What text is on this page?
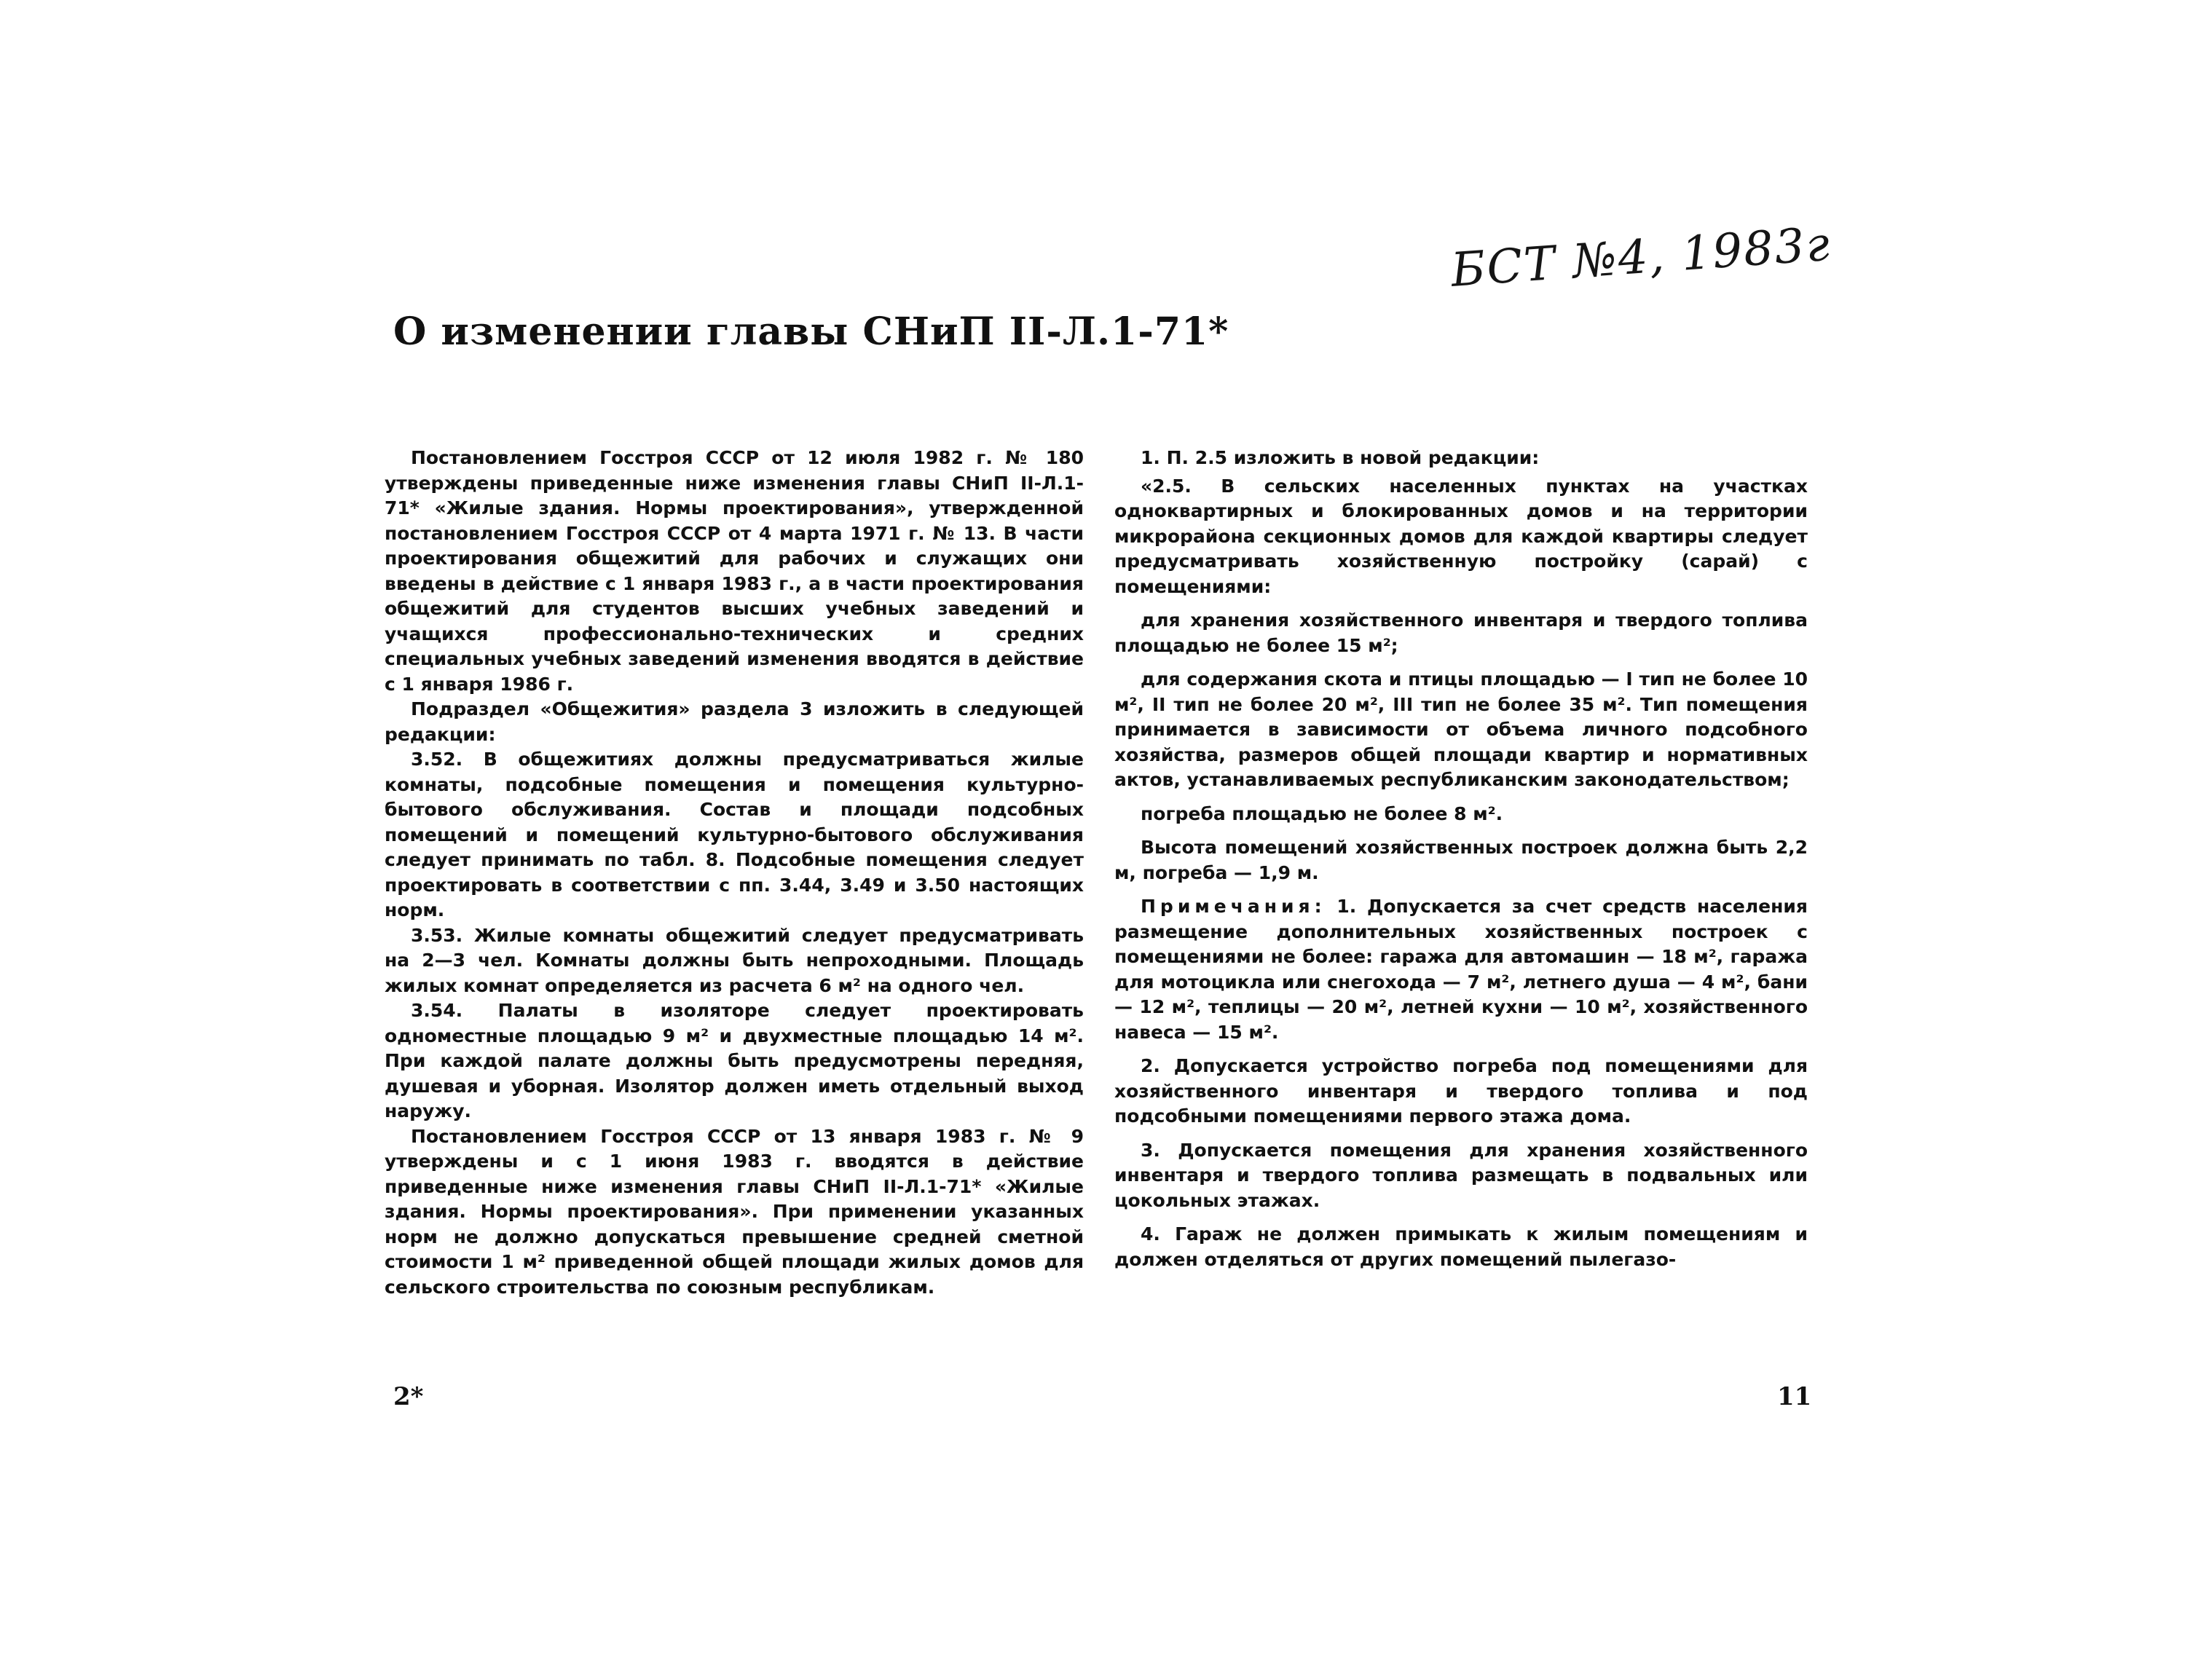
БСТ №4, 1983г
О изменении главы СНиП II-Л.1-71*

Постановлением Госстроя СССР от 12 июля 1982 г. № 180 утверждены приведенные ниже изменения главы СНиП II-Л.1-71* «Жилые здания. Нормы проектирования», утвержденной постановлением Госстроя СССР от 4 марта 1971 г. № 13. В части проектирования общежитий для рабочих и служащих они введены в действие с 1 января 1983 г., а в части проектирования общежитий для студентов высших учебных заведений и учащихся профессионально-технических и средних специальных учебных заведений изменения вводятся в действие с 1 января 1986 г.

Подраздел «Общежития» раздела 3 изложить в следующей редакции:

3.52. В общежитиях должны предусматриваться жилые комнаты, подсобные помещения и помещения культурно-бытового обслуживания. Состав и площади подсобных помещений и помещений культурно-бытового обслуживания следует принимать по табл. 8. Подсобные помещения следует проектировать в соответствии с пп. 3.44, 3.49 и 3.50 настоящих норм.

3.53. Жилые комнаты общежитий следует предусматривать на 2—3 чел. Комнаты должны быть непроходными. Площадь жилых комнат определяется из расчета 6 м² на одного чел.

3.54. Палаты в изоляторе следует проектировать одноместные площадью 9 м² и двухместные площадью 14 м². При каждой палате должны быть предусмотрены передняя, душевая и уборная. Изолятор должен иметь отдельный выход наружу.

Постановлением Госстроя СССР от 13 января 1983 г. № 9 утверждены и с 1 июня 1983 г. вводятся в действие приведенные ниже изменения главы СНиП II-Л.1-71* «Жилые здания. Нормы проектирования». При применении указанных норм не должно допускаться превышение средней сметной стоимости 1 м² приведенной общей площади жилых домов для сельского строительства по союзным республикам.

1. П. 2.5 изложить в новой редакции:

«2.5. В сельских населенных пунктах на участках одноквартирных и блокированных домов и на территории микрорайона секционных домов для каждой квартиры следует предусматривать хозяйственную постройку (сарай) с помещениями:

для хранения хозяйственного инвентаря и твердого топлива площадью не более 15 м²;

для содержания скота и птицы площадью — I тип не более 10 м², II тип не более 20 м², III тип не более 35 м². Тип помещения принимается в зависимости от объема личного подсобного хозяйства, размеров общей площади квартир и нормативных актов, устанавливаемых республиканским законодательством;

погреба площадью не более 8 м².

Высота помещений хозяйственных построек должна быть 2,2 м, погреба — 1,9 м.

Примечания: 1. Допускается за счет средств населения размещение дополнительных хозяйственных построек с помещениями не более: гаража для автомашин — 18 м², гаража для мотоцикла или снегохода — 7 м², летнего душа — 4 м², бани — 12 м², теплицы — 20 м², летней кухни — 10 м², хозяйственного навеса — 15 м².

2. Допускается устройство погреба под помещениями для хозяйственного инвентаря и твердого топлива и под подсобными помещениями первого этажа дома.

3. Допускается помещения для хранения хозяйственного инвентаря и твердого топлива размещать в подвальных или цокольных этажах.

4. Гараж не должен примыкать к жилым помещениям и должен отделяться от других помещений пылегазо-

2*	11
